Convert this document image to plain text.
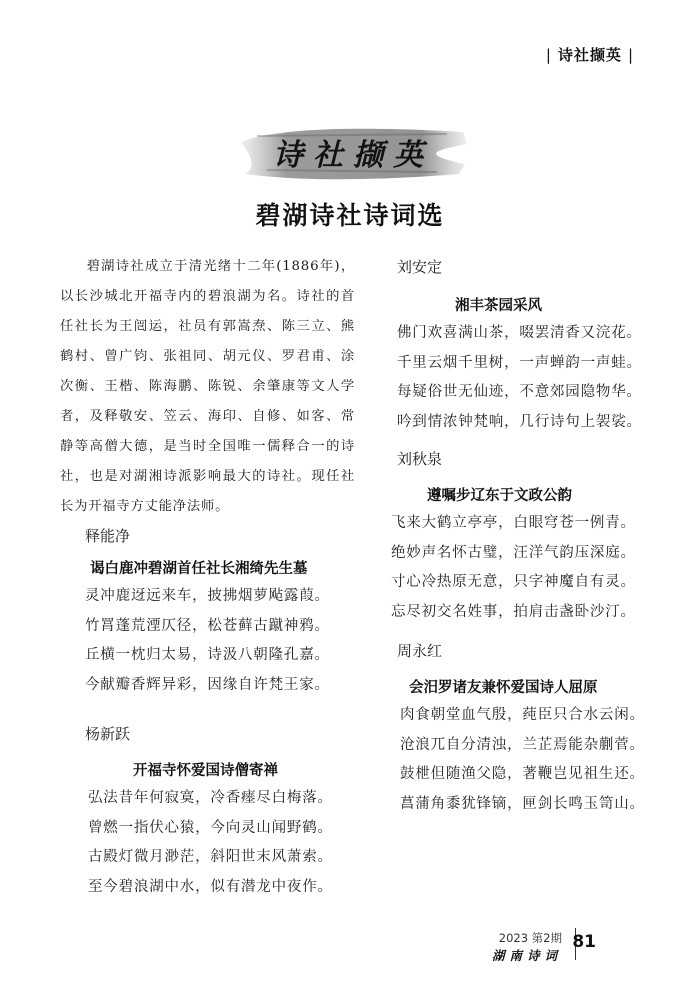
| 诗社撷英 |
诗社撷英
碧湖诗社诗词选

碧湖诗社成立于清光绪十二年(1886年)，以长沙城北开福寺内的碧浪湖为名。诗社的首任社长为王闿运，社员有郭嵩焘、陈三立、熊鹤村、曾广钧、张祖同、胡元仪、罗君甫、涂次衡、王楷、陈海鹏、陈锐、余肇康等文人学者，及释敬安、笠云、海印、自修、如客、常静等高僧大德，是当时全国唯一儒释合一的诗社，也是对湖湘诗派影响最大的诗社。现任社长为开福寺方丈能净法师。

释能净
谒白鹿冲碧湖首任社长湘绮先生墓
灵冲鹿迓远来车，披拂烟萝飐露葭。
竹罥蓬荒湮仄径，松苍藓古蹴神鸦。
丘横一枕归太易，诗汲八朝隆孔嘉。
今献瓣香辉异彩，因缘自许梵王家。
杨新跃
开福寺怀爱国诗僧寄禅
弘法昔年何寂寞，冷香瘗尽白梅落。
曾燃一指伏心猿，今向灵山闻野鹤。
古殿灯微月渺茫，斜阳世末风萧索。
至今碧浪湖中水，似有潜龙中夜作。
刘安定
湘丰茶园采风
佛门欢喜满山茶，啜罢清香又浣花。
千里云烟千里树，一声蝉韵一声蛙。
每疑俗世无仙迹，不意郊园隐物华。
吟到情浓钟梵响，几行诗句上袈裟。
刘秋泉
遵嘱步辽东于文政公韵
飞来大鹤立亭亭，白眼穹苍一例青。
绝妙声名怀古璧，汪洋气韵压深庭。
寸心冷热原无意，只字神魔自有灵。
忘尽初交名姓事，拍肩击盏卧沙汀。
周永红
会汨罗诸友兼怀爱国诗人屈原
肉食朝堂血气殷，莼臣只合水云闲。
沧浪兀自分清浊，兰芷焉能杂蒯菅。
鼓枻但随渔父隐，著鞭岂见祖生还。
菖蒲角黍犹锋镝，匣剑长鸣玉笥山。
2023 第2期
湖南诗词
81
